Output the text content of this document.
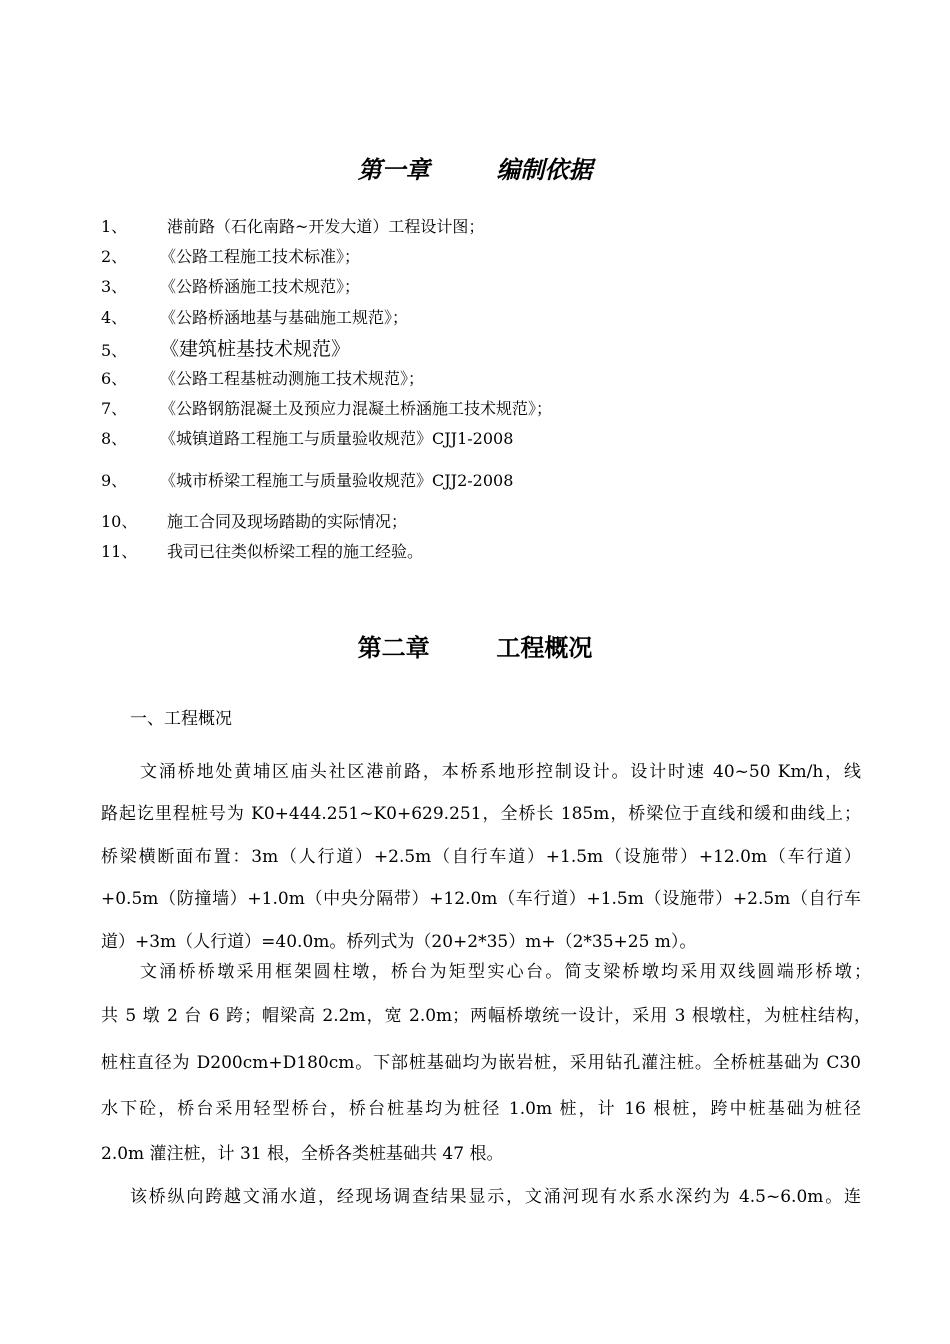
第一章        编制依据
1、 港前路（石化南路~开发大道）工程设计图；
2、 《公路工程施工技术标准》；
3、 《公路桥涵施工技术规范》；
4、 《公路桥涵地基与基础施工规范》；
5、 《建筑桩基技术规范》
6、 《公路工程基桩动测施工技术规范》；
7、 《公路钢筋混凝土及预应力混凝土桥涵施工技术规范》；
8、 《城镇道路工程施工与质量验收规范》CJJ1-2008
9、 《城市桥梁工程施工与质量验收规范》CJJ2-2008
10、 施工合同及现场踏勘的实际情况；
11、 我司已往类似桥梁工程的施工经验。
第二章        工程概况
一、工程概况
文涌桥地处黄埔区庙头社区港前路，本桥系地形控制设计。设计时速 40~50 Km/h，线
路起讫里程桩号为 K0+444.251~K0+629.251，全桥长 185m，桥梁位于直线和缓和曲线上；
桥梁横断面布置：3m（人行道）+2.5m（自行车道）+1.5m（设施带）+12.0m（车行道）
+0.5m（防撞墙）+1.0m（中央分隔带）+12.0m（车行道）+1.5m（设施带）+2.5m（自行车
道）+3m（人行道）=40.0m。桥列式为（20+2*35）m+（2*35+25 m）。
文涌桥桥墩采用框架圆柱墩，桥台为矩型实心台。简支梁桥墩均采用双线圆端形桥墩；
共 5 墩 2 台 6 跨；帽梁高 2.2m，宽 2.0m；两幅桥墩统一设计，采用 3 根墩柱，为桩柱结构，
桩柱直径为 D200cm+D180cm。下部桩基础均为嵌岩桩，采用钻孔灌注桩。全桥桩基础为 C30
水下砼，桥台采用轻型桥台，桥台桩基均为桩径 1.0m 桩，计 16 根桩，跨中桩基础为桩径
2.0m 灌注桩，计 31 根，全桥各类桩基础共 47 根。
该桥纵向跨越文涌水道，经现场调查结果显示，文涌河现有水系水深约为 4.5~6.0m。连
